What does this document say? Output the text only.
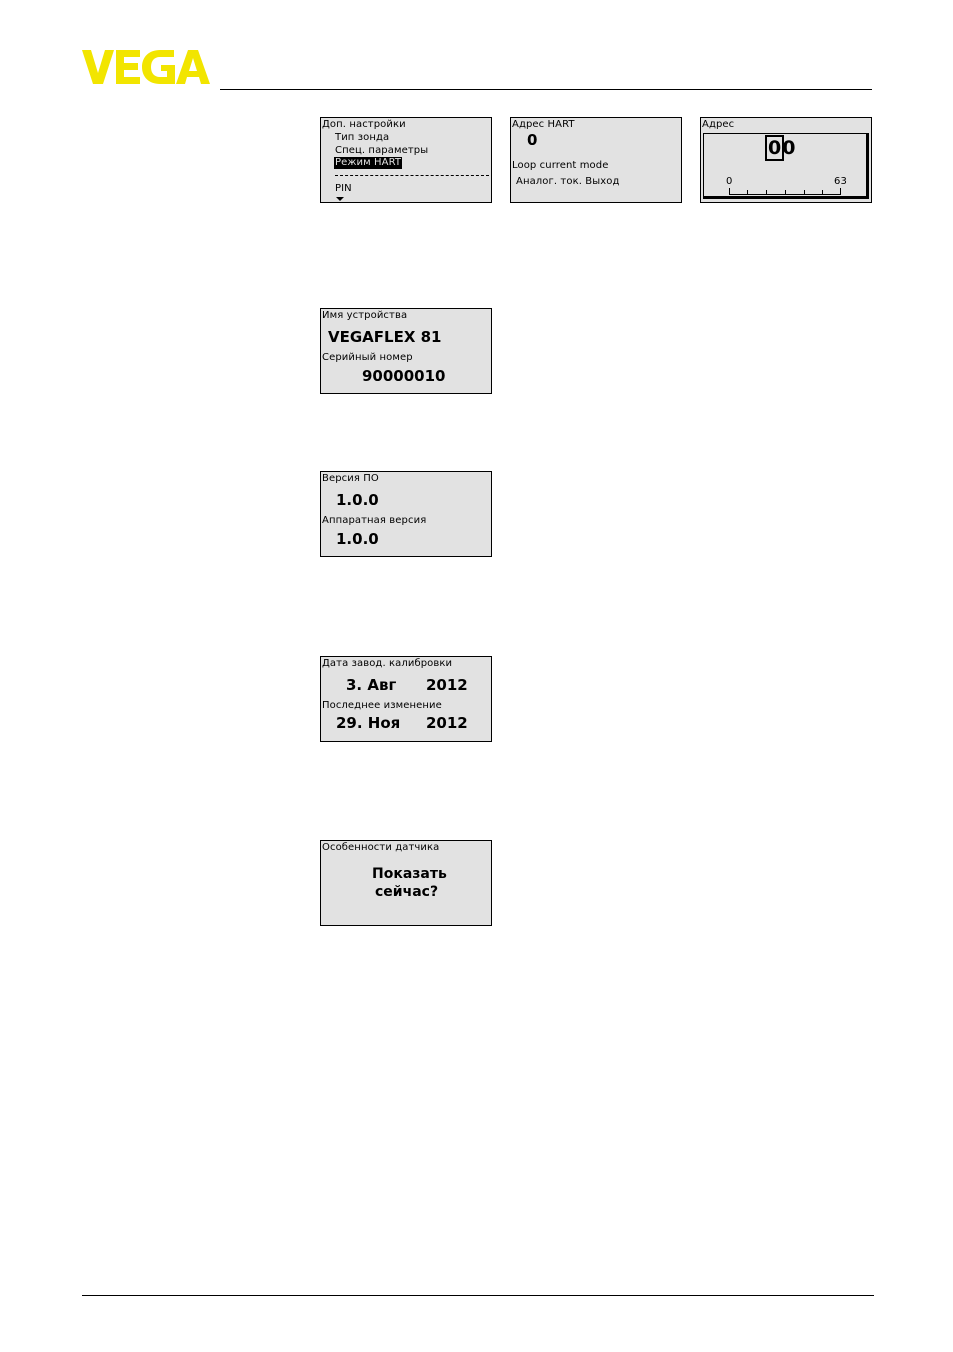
Доп. настройки
Тип зонда
Спец. параметры
Режим HART
PIN
Адрес HART
0
Loop current mode
Аналог. ток. Выход
Адрес
00
0	63
Имя устройства
VEGAFLEX 81
Серийный номер
90000010
Версия ПО
1.0.0
Аппаратная версия
1.0.0
Дата завод. калибровки
3. Авг 2012
Последнее изменение
29. Ноя 2012
Особенности датчика
Показать
сейчас?
